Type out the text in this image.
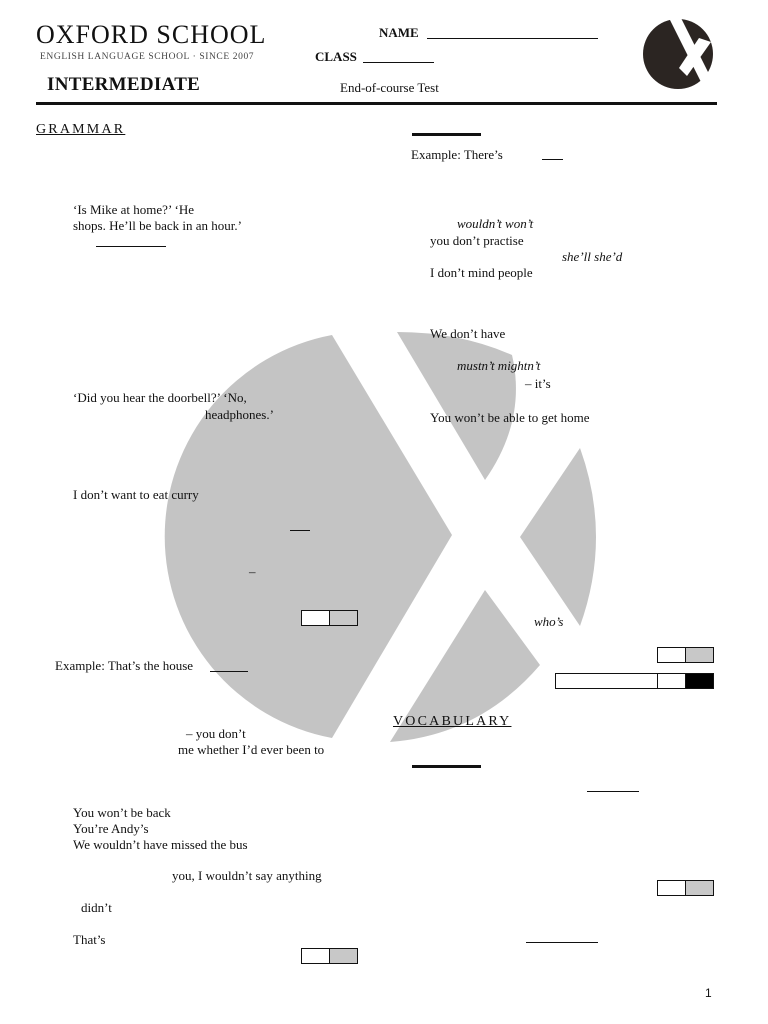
OXFORD SCHOOL
ENGLISH LANGUAGE SCHOOL · SINCE 2007
INTERMEDIATE
NAME
CLASS
End-of-course Test
GRAMMAR
VOCABULARY
‘Is Mike at home?’ ‘He
shops. He’ll be back in an hour.’
‘Did you hear the doorbell?’ ‘No,
headphones.’
I don’t want to eat curry
–
Example: That’s the house
– you don’t
me whether I’d ever been to
You won’t be back
You’re Andy’s
We wouldn’t have missed the bus
you, I wouldn’t say anything
didn’t
That’s
Example: There’s
wouldn’t won’t
you don’t practise
she’ll she’d
I don’t mind people
We don’t have
mustn’t mightn’t
– it’s
You won’t be able to get home
who’s
1
